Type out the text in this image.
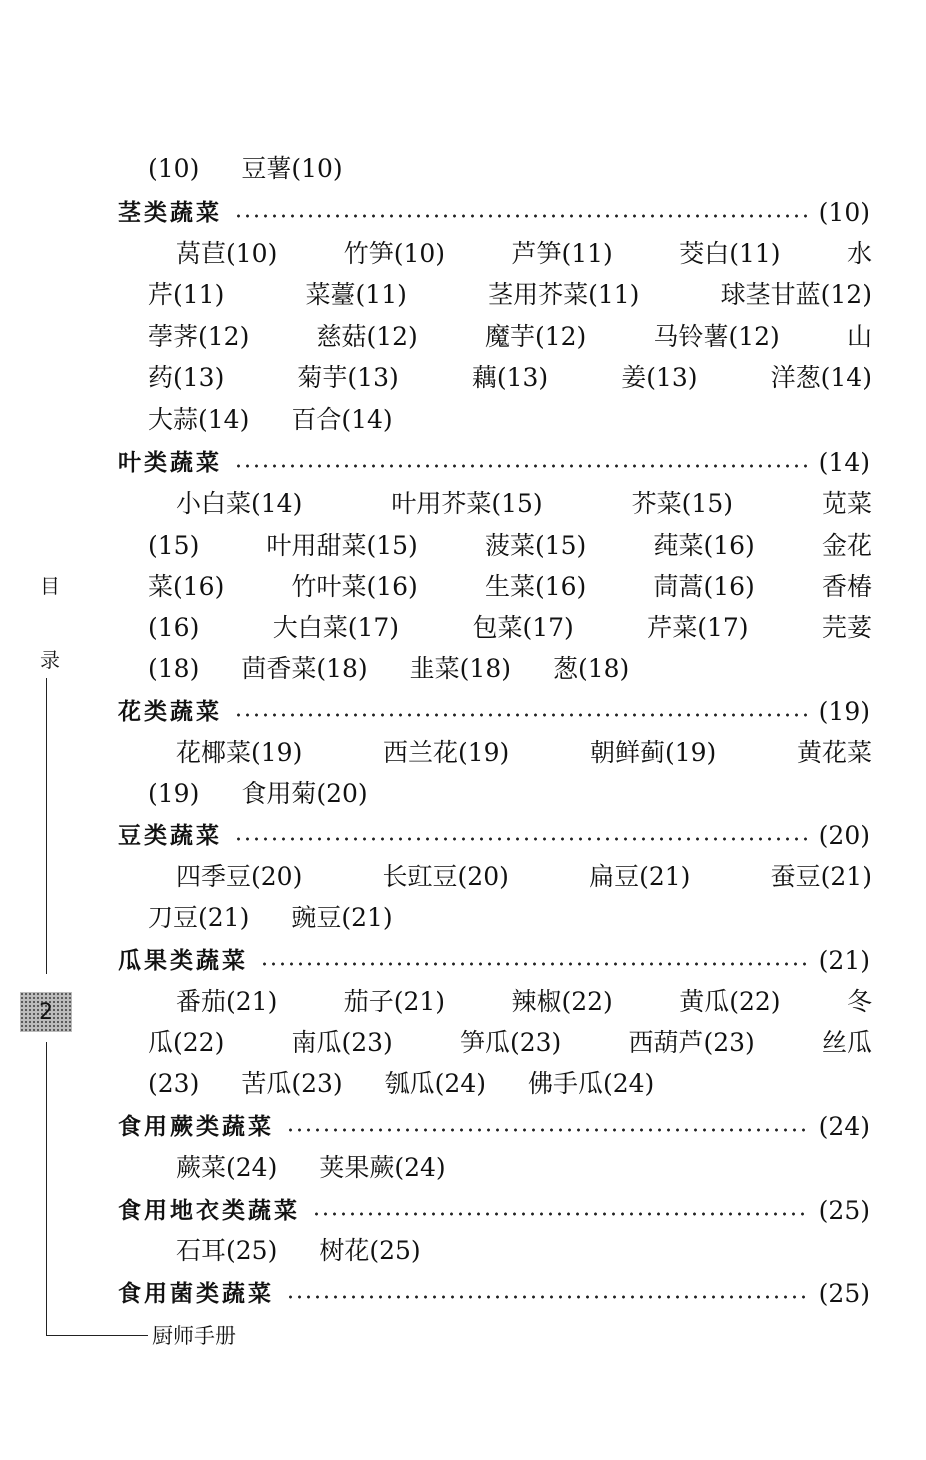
(10) 豆薯(10)
茎类蔬菜	(10)
莴苣(10)	竹笋(10)	芦笋(11)	茭白(11)	水
芹(11)	菜薹(11)	茎用芥菜(11)	球茎甘蓝(12)
荸荠(12)	慈菇(12)	魔芋(12)	马铃薯(12)	山
药(13)	菊芋(13)	藕(13)	姜(13)	洋葱(14)
大蒜(14) 百合(14)
叶类蔬菜	(14)
小白菜(14)	叶用芥菜(15)	芥菜(15)	苋菜
(15)	叶用甜菜(15)	菠菜(15)	莼菜(16)	金花
菜(16)	竹叶菜(16)	生菜(16)	茼蒿(16)	香椿
(16)	大白菜(17)	包菜(17)	芹菜(17)	芫荽
(18) 茴香菜(18) 韭菜(18) 葱(18)
花类蔬菜	(19)
花椰菜(19)	西兰花(19)	朝鲜蓟(19)	黄花菜
(19) 食用菊(20)
豆类蔬菜	(20)
四季豆(20)	长豇豆(20)	扁豆(21)	蚕豆(21)
刀豆(21) 豌豆(21)
瓜果类蔬菜	(21)
番茄(21)	茄子(21)	辣椒(22)	黄瓜(22)	冬
瓜(22)	南瓜(23)	笋瓜(23)	西葫芦(23)	丝瓜
(23) 苦瓜(23) 瓠瓜(24) 佛手瓜(24)
食用蕨类蔬菜	(24)
蕨菜(24) 荚果蕨(24)
食用地衣类蔬菜	(25)
石耳(25) 树花(25)
食用菌类蔬菜	(25)
目
录
2
厨师手册
